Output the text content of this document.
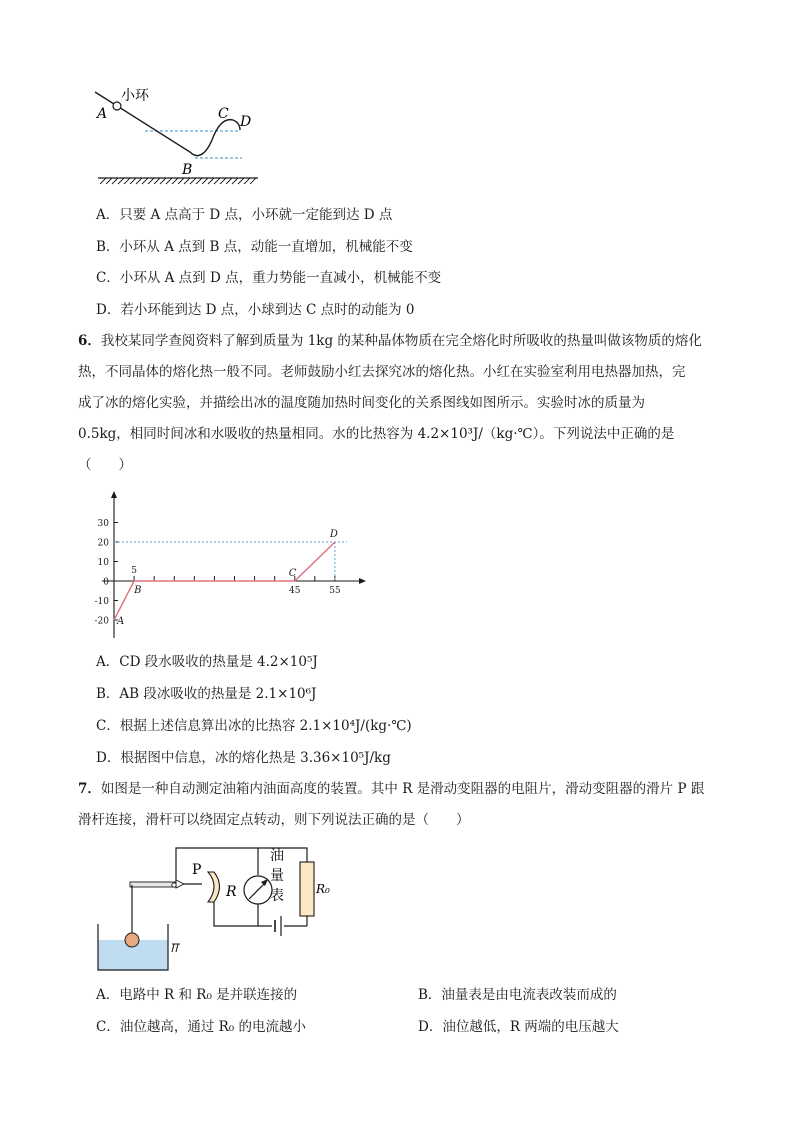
小环
A
B
C D
A．只要 A 点高于 D 点，小环就一定能到达 D 点
B．小环从 A 点到 B 点，动能一直增加，机械能不变
C．小环从 A 点到 D 点，重力势能一直减小，机械能不变
D．若小环能到达 D 点，小球到达 C 点时的动能为 0
6．我校某同学查阅资料了解到质量为 1kg 的某种晶体物质在完全熔化时所吸收的热量叫做该物质的熔化
热，不同晶体的熔化热一般不同。老师鼓励小红去探究冰的熔化热。小红在实验室利用电热器加热，完
成了冰的熔化实验，并描绘出冰的温度随加热时间变化的关系图线如图所示。实验时冰的质量为
0.5kg，相同时间冰和水吸收的热量相同。水的比热容为 4.2×10³J/（kg·℃）。下列说法中正确的是
（　　）
30
20
10
0
-10
-20
5
45	55
A
B
C
D
A．CD 段水吸收的热量是 4.2×10⁵J
B．AB 段冰吸收的热量是 2.1×10⁶J
C．根据上述信息算出冰的比热容 2.1×10⁴J/(kg·℃)
D．根据图中信息，冰的熔化热是 3.36×10⁵J/kg
7．如图是一种自动测定油箱内油面高度的装置。其中 R 是滑动变阻器的电阻片，滑动变阻器的滑片 P 跟
滑杆连接，滑杆可以绕固定点转动，则下列说法正确的是（　　）
R₀
油
量
表
R
P
A．电路中 R 和 R₀ 是并联连接的	B．油量表是由电流表改装而成的
C．油位越高，通过 R₀ 的电流越小	D．油位越低，R 两端的电压越大
